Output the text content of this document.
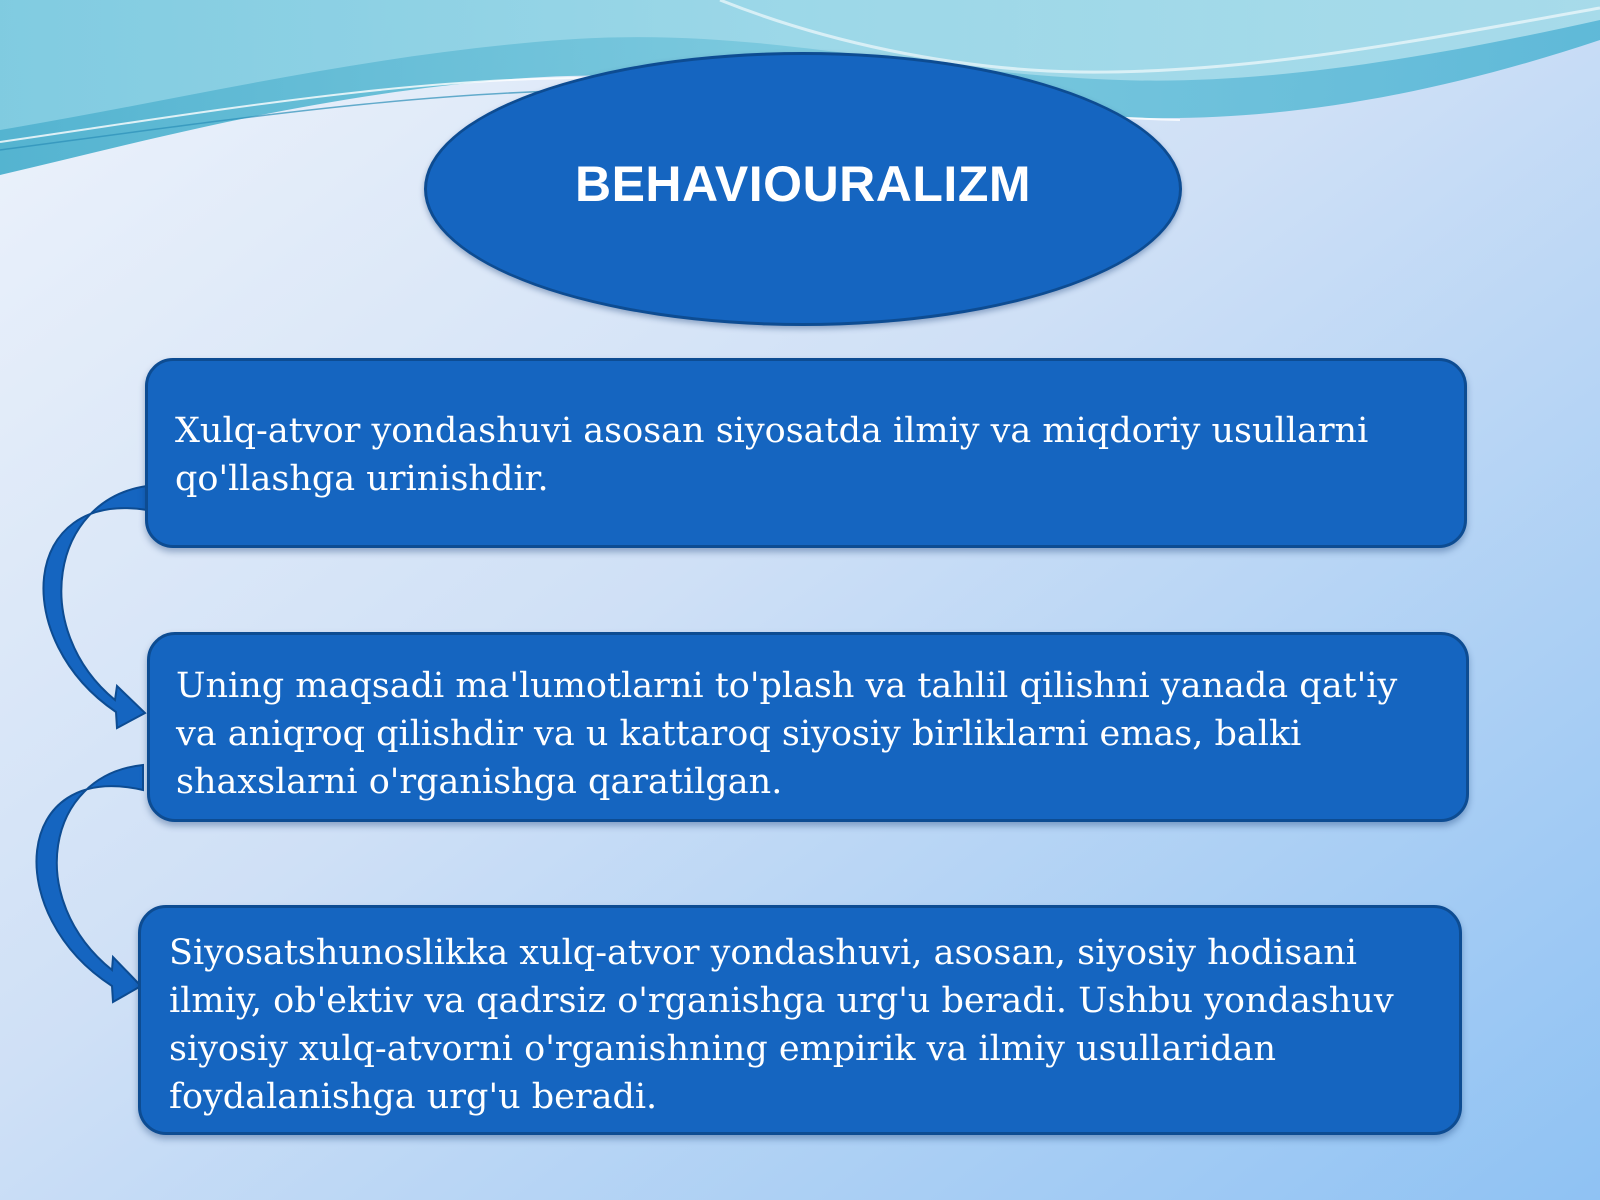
BEHAVIOURALIZM

Xulq-atvor yondashuvi asosan siyosatda ilmiy va miqdoriy usullarni qo'llashga urinishdir.

Uning maqsadi ma'lumotlarni to'plash va tahlil qilishni yanada qat'iy va aniqroq qilishdir va u kattaroq siyosiy birliklarni emas, balki shaxslarni o'rganishga qaratilgan.

Siyosatshunoslikka xulq-atvor yondashuvi, asosan, siyosiy hodisani ilmiy, ob'ektiv va qadrsiz o'rganishga urg'u beradi. Ushbu yondashuv siyosiy xulq-atvorni o'rganishning empirik va ilmiy usullaridan foydalanishga urg'u beradi.
